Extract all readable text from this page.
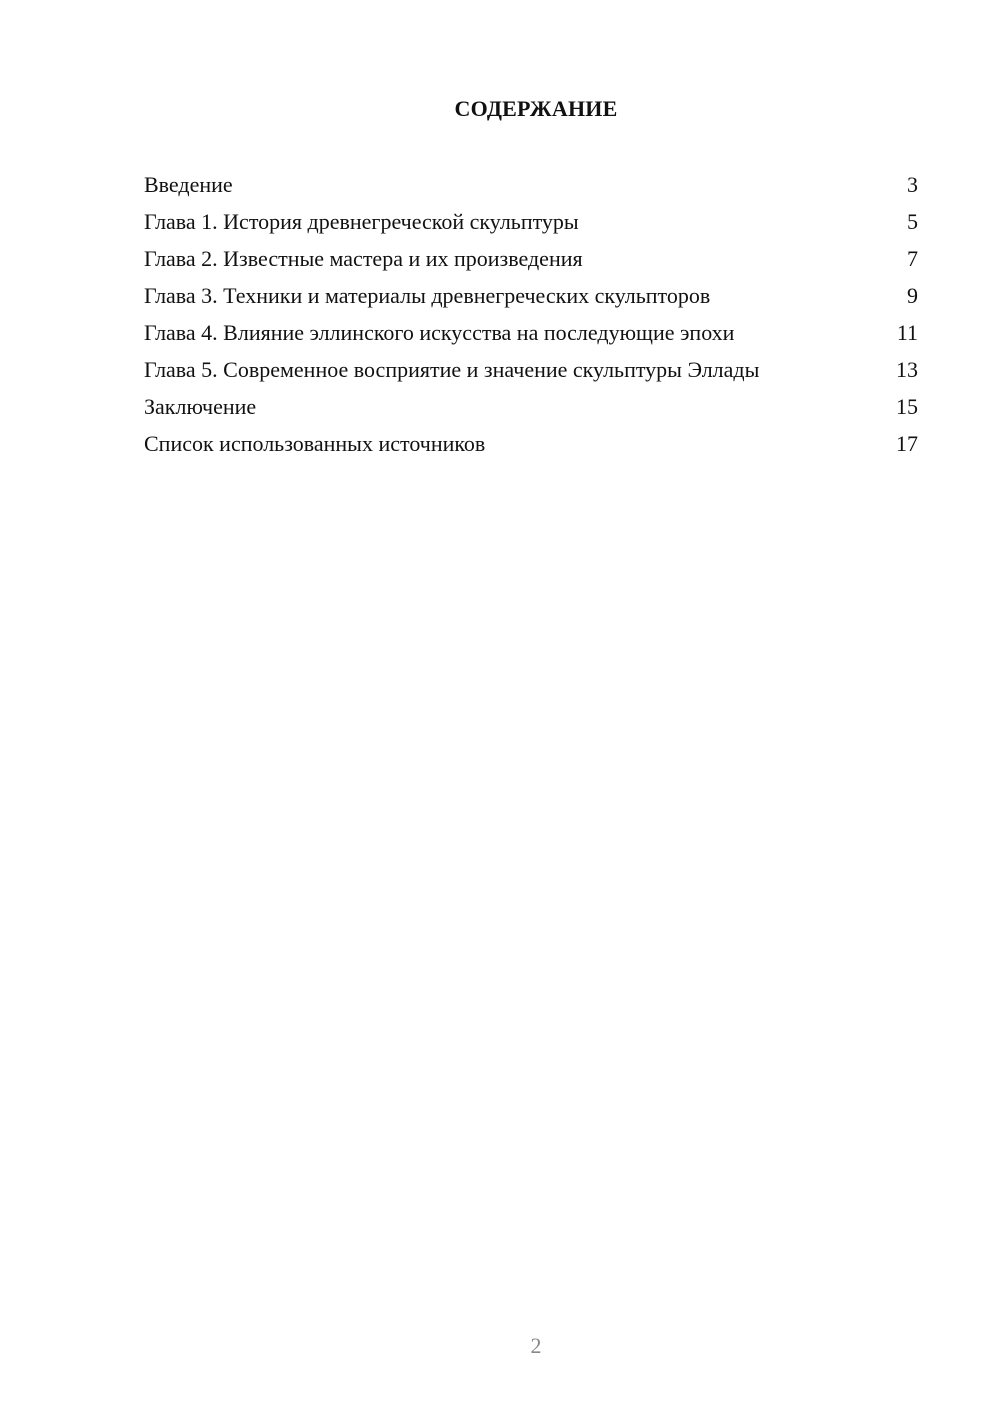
СОДЕРЖАНИЕ
Введение	3
Глава 1. История древнегреческой скульптуры	5
Глава 2. Известные мастера и их произведения	7
Глава 3. Техники и материалы древнегреческих скульпторов	9
Глава 4. Влияние эллинского искусства на последующие эпохи	11
Глава 5. Современное восприятие и значение скульптуры Эллады	13
Заключение	15
Список использованных источников	17
2
